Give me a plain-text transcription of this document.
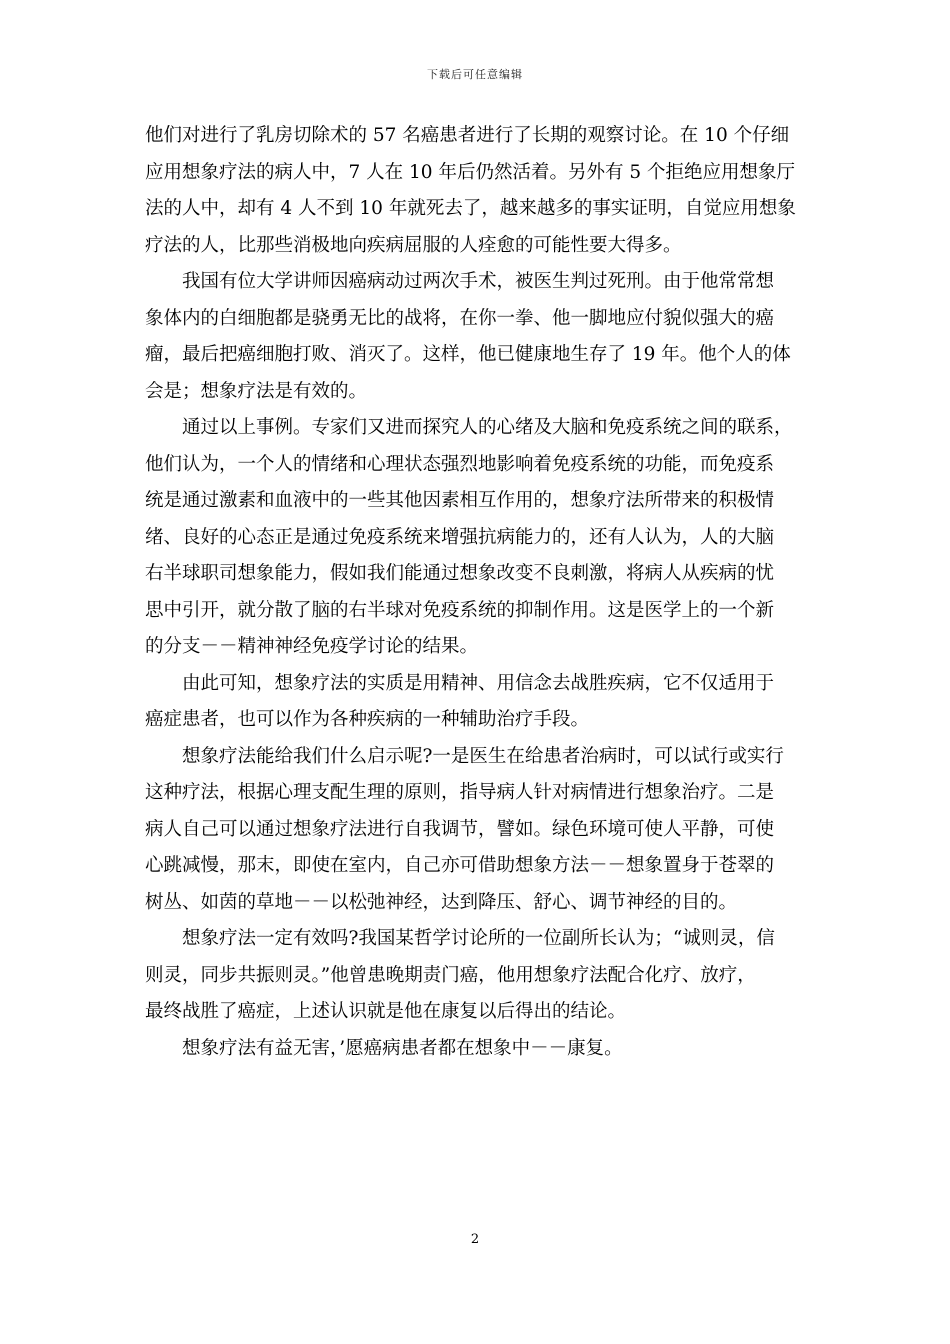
下载后可任意编辑

他们对进行了乳房切除术的 57 名癌患者进行了长期的观察讨论。在 10 个仔细
应用想象疗法的病人中，7 人在 10 年后仍然活着。另外有 5 个拒绝应用想象厅
法的人中，却有 4 人不到 10 年就死去了，越来越多的事实证明，自觉应用想象
疗法的人，比那些消极地向疾病屈服的人痊愈的可能性要大得多。

我国有位大学讲师因癌病动过两次手术，被医生判过死刑。由于他常常想
象体内的白细胞都是骁勇无比的战将，在你一拳、他一脚地应付貌似强大的癌
瘤，最后把癌细胞打败、消灭了。这样，他已健康地生存了 19 年。他个人的体
会是；想象疗法是有效的。

通过以上事例。专家们又进而探究人的心绪及大脑和免疫系统之间的联系，
他们认为，一个人的情绪和心理状态强烈地影响着免疫系统的功能，而免疫系
统是通过激素和血液中的一些其他因素相互作用的，想象疗法所带来的积极情
绪、良好的心态正是通过免疫系统来增强抗病能力的，还有人认为，人的大脑
右半球职司想象能力，假如我们能通过想象改变不良刺激，将病人从疾病的忧
思中引开，就分散了脑的右半球对免疫系统的抑制作用。这是医学上的一个新
的分支－－精神神经免疫学讨论的结果。

由此可知，想象疗法的实质是用精神、用信念去战胜疾病，它不仅适用于
癌症患者，也可以作为各种疾病的一种辅助治疗手段。

想象疗法能给我们什么启示呢?一是医生在给患者治病时，可以试行或实行
这种疗法，根据心理支配生理的原则，指导病人针对病情进行想象治疗。二是
病人自己可以通过想象疗法进行自我调节，譬如。绿色环境可使人平静，可使
心跳减慢，那末，即使在室内，自己亦可借助想象方法－－想象置身于苍翠的
树丛、如茵的草地－－以松弛神经，达到降压、舒心、调节神经的目的。

想象疗法一定有效吗?我国某哲学讨论所的一位副所长认为；“诚则灵，信
则灵，同步共振则灵。”他曾患晚期责门癌，他用想象疗法配合化疗、放疗，
最终战胜了癌症，上述认识就是他在康复以后得出的结论。

想象疗法有益无害，’愿癌病患者都在想象中－－康复。

2
